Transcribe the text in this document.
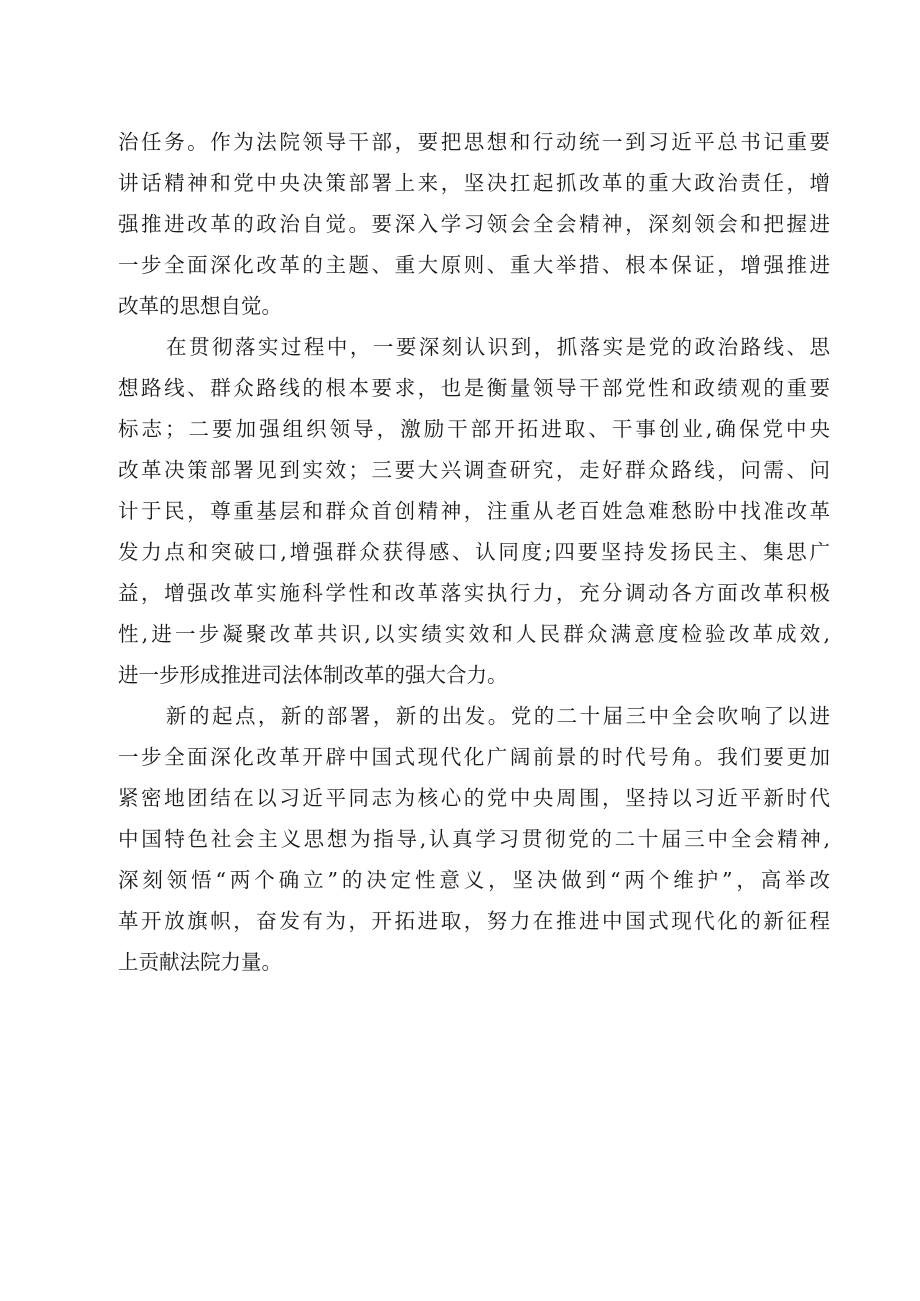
治任务。作为法院领导干部，要把思想和行动统一到习近平总书记重要
讲话精神和党中央决策部署上来，坚决扛起抓改革的重大政治责任，增
强推进改革的政治自觉。要深入学习领会全会精神，深刻领会和把握进
一步全面深化改革的主题、重大原则、重大举措、根本保证，增强推进
改革的思想自觉。
在贯彻落实过程中，一要深刻认识到，抓落实是党的政治路线、思
想路线、群众路线的根本要求，也是衡量领导干部党性和政绩观的重要
标志；二要加强组织领导，激励干部开拓进取、干事创业,确保党中央
改革决策部署见到实效；三要大兴调查研究，走好群众路线，问需、问
计于民，尊重基层和群众首创精神，注重从老百姓急难愁盼中找准改革
发力点和突破口,增强群众获得感、认同度;四要坚持发扬民主、集思广
益，增强改革实施科学性和改革落实执行力，充分调动各方面改革积极
性,进一步凝聚改革共识,以实绩实效和人民群众满意度检验改革成效,
进一步形成推进司法体制改革的强大合力。
新的起点，新的部署，新的出发。党的二十届三中全会吹响了以进
一步全面深化改革开辟中国式现代化广阔前景的时代号角。我们要更加
紧密地团结在以习近平同志为核心的党中央周围，坚持以习近平新时代
中国特色社会主义思想为指导,认真学习贯彻党的二十届三中全会精神,
深刻领悟“两个确立”的决定性意义，坚决做到“两个维护”，高举改
革开放旗帜，奋发有为，开拓进取，努力在推进中国式现代化的新征程
上贡献法院力量。
